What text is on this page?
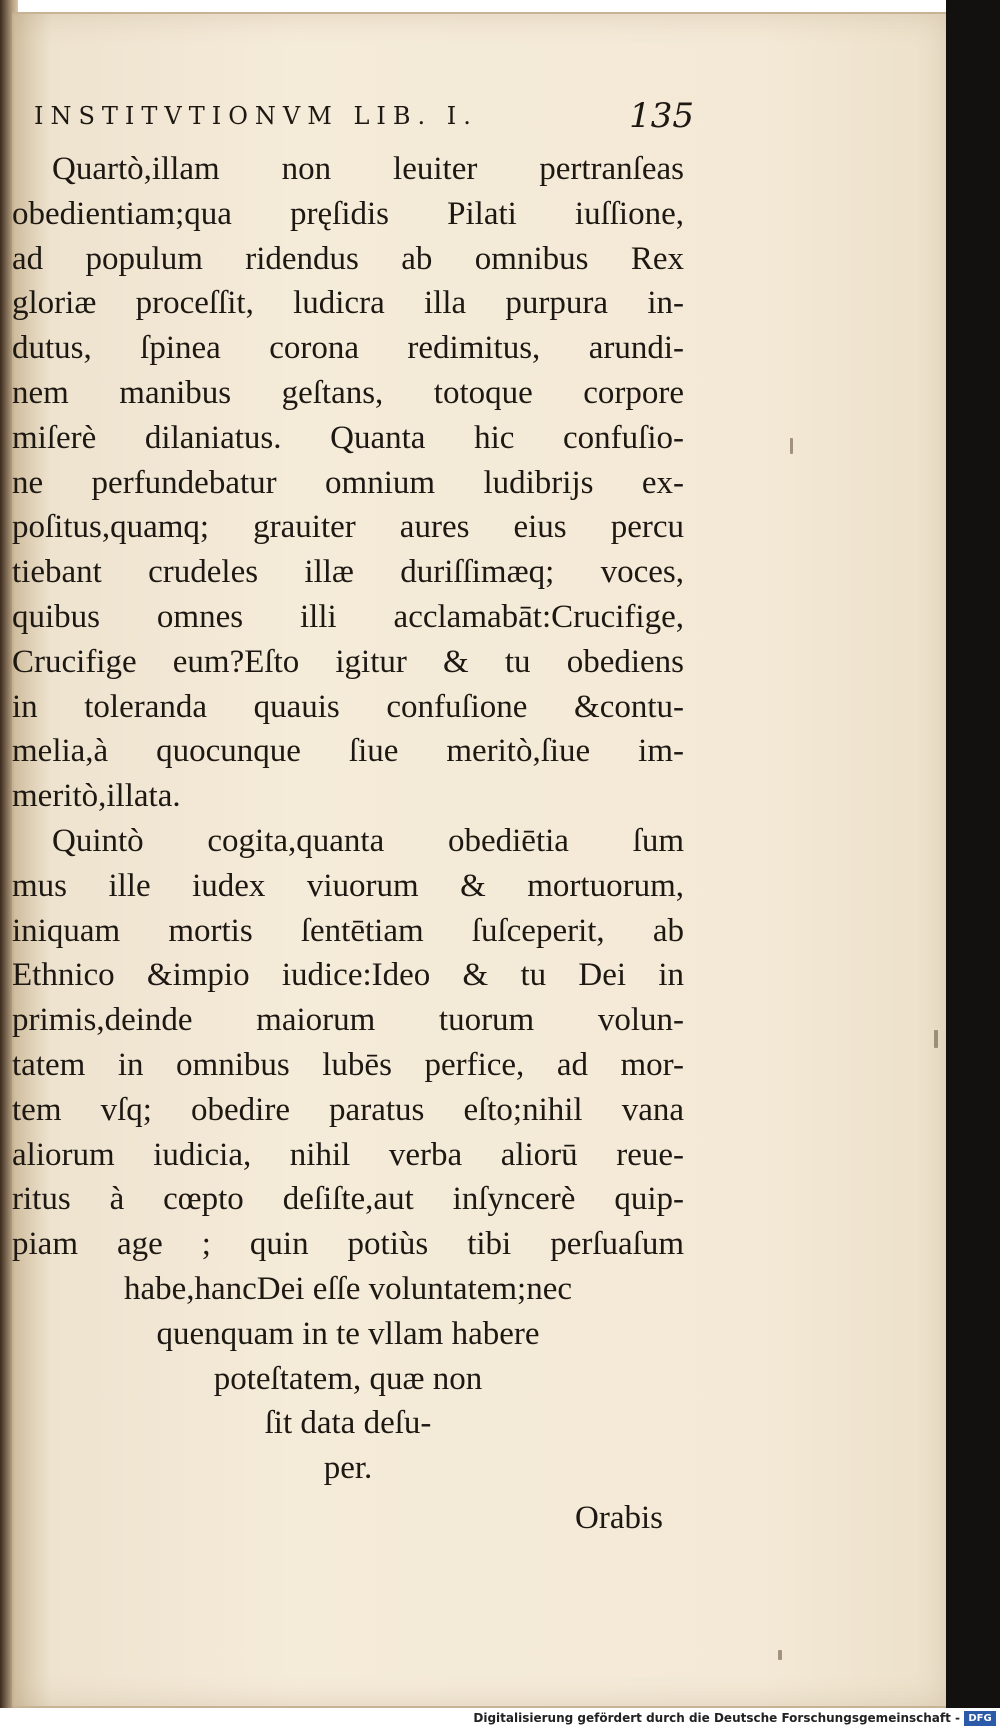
INSTITVTIONVM LIB. I.	135
Quartò,illam non leuiter pertranſeas
obedientiam;qua pręſidis Pilati iuſſione,
ad populum ridendus ab omnibus Rex
gloriæ proceſſit, ludicra illa purpura in-
dutus, ſpinea corona redimitus, arundi-
nem manibus geſtans, totoque corpore
miſerè dilaniatus. Quanta hic confuſio-
ne perfundebatur omnium ludibrijs ex-
poſitus,quamq; grauiter aures eius percu
tiebant crudeles illæ duriſſimæq; voces,
quibus omnes illi acclamabāt:Crucifige,
Crucifige eum?Eſto igitur & tu obediens
in toleranda quauis confuſione &contu-
melia,à quocunque ſiue meritò,ſiue im-
meritò,illata.
Quintò cogita,quanta obediētia ſum
mus ille iudex viuorum & mortuorum,
iniquam mortis ſentētiam ſuſceperit, ab
Ethnico &impio iudice:Ideo & tu Dei in
primis,deinde maiorum tuorum volun-
tatem in omnibus lubēs perfice, ad mor-
tem vſq; obedire paratus eſto;nihil vana
aliorum iudicia, nihil verba aliorū reue-
ritus à cœpto deſiſte,aut inſyncerè quip-
piam age ; quin potiùs tibi perſuaſum
habe,hancDei eſſe voluntatem;nec
quenquam in te vllam habere
poteſtatem, quæ non
ſit data deſu-
per.
Orabis
Digitalisierung gefördert durch die Deutsche Forschungsgemeinschaft - DFG
